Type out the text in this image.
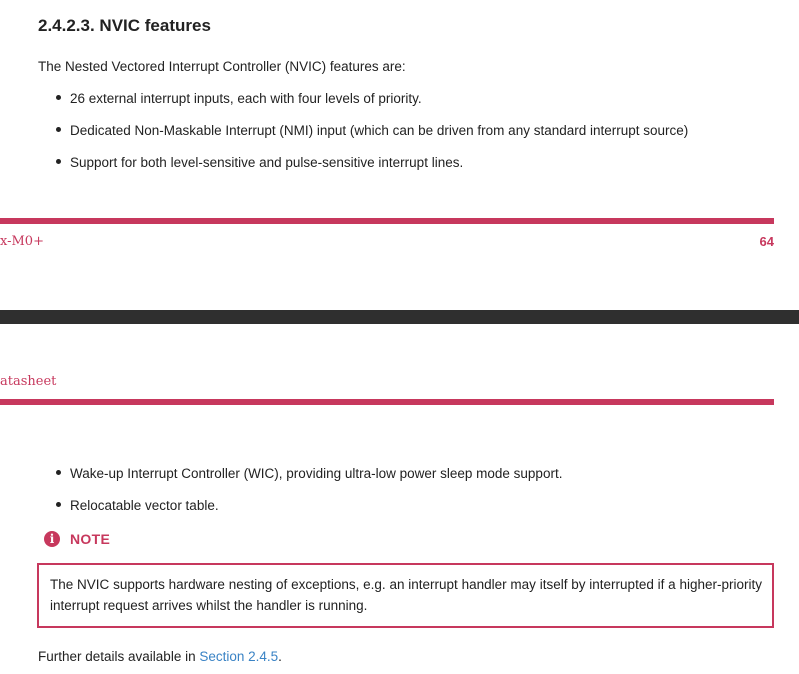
2.4.2.3. NVIC features
The Nested Vectored Interrupt Controller (NVIC) features are:
26 external interrupt inputs, each with four levels of priority.
Dedicated Non-Maskable Interrupt (NMI) input (which can be driven from any standard interrupt source)
Support for both level-sensitive and pulse-sensitive interrupt lines.
x-M0+	64
atasheet
Wake-up Interrupt Controller (WIC), providing ultra-low power sleep mode support.
Relocatable vector table.
i	NOTE
The NVIC supports hardware nesting of exceptions, e.g. an interrupt handler may itself by interrupted if a higher-priority interrupt request arrives whilst the handler is running.
Further details available in Section 2.4.5.
